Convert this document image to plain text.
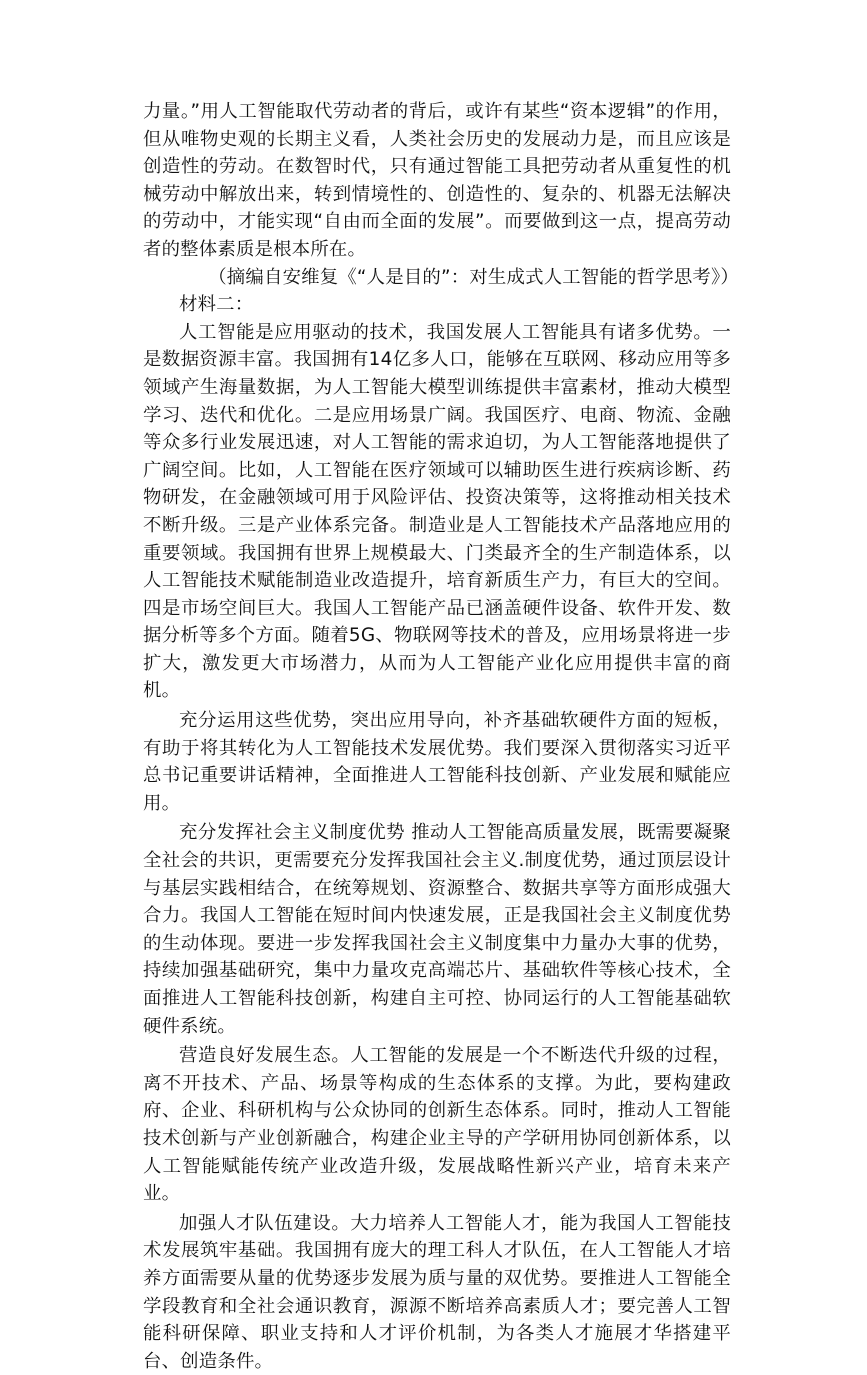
力量。”用人工智能取代劳动者的背后，或许有某些“资本逻辑”的作用，但从唯物史观的长期主义看，人类社会历史的发展动力是，而且应该是创造性的劳动。在数智时代，只有通过智能工具把劳动者从重复性的机械劳动中解放出来，转到情境性的、创造性的、复杂的、机器无法解决的劳动中，才能实现“自由而全面的发展”。而要做到这一点，提高劳动者的整体素质是根本所在。

（摘编自安维复《“人是目的”：对生成式人工智能的哲学思考》）

材料二：

人工智能是应用驱动的技术，我国发展人工智能具有诸多优势。一是数据资源丰富。我国拥有14亿多人口，能够在互联网、移动应用等多领域产生海量数据，为人工智能大模型训练提供丰富素材，推动大模型学习、迭代和优化。二是应用场景广阔。我国医疗、电商、物流、金融等众多行业发展迅速，对人工智能的需求迫切，为人工智能落地提供了广阔空间。比如，人工智能在医疗领域可以辅助医生进行疾病诊断、药物研发，在金融领域可用于风险评估、投资决策等，这将推动相关技术不断升级。三是产业体系完备。制造业是人工智能技术产品落地应用的重要领域。我国拥有世界上规模最大、门类最齐全的生产制造体系，以人工智能技术赋能制造业改造提升，培育新质生产力，有巨大的空间。四是市场空间巨大。我国人工智能产品已涵盖硬件设备、软件开发、数据分析等多个方面。随着5G、物联网等技术的普及，应用场景将进一步扩大，激发更大市场潜力，从而为人工智能产业化应用提供丰富的商机。

充分运用这些优势，突出应用导向，补齐基础软硬件方面的短板，有助于将其转化为人工智能技术发展优势。我们要深入贯彻落实习近平总书记重要讲话精神，全面推进人工智能科技创新、产业发展和赋能应用。

充分发挥社会主义制度优势 推动人工智能高质量发展，既需要凝聚全社会的共识，更需要充分发挥我国社会主义.制度优势，通过顶层设计与基层实践相结合，在统筹规划、资源整合、数据共享等方面形成强大合力。我国人工智能在短时间内快速发展，正是我国社会主义制度优势的生动体现。要进一步发挥我国社会主义制度集中力量办大事的优势，持续加强基础研究，集中力量攻克高端芯片、基础软件等核心技术，全面推进人工智能科技创新，构建自主可控、协同运行的人工智能基础软硬件系统。

营造良好发展生态。人工智能的发展是一个不断迭代升级的过程，离不开技术、产品、场景等构成的生态体系的支撑。为此，要构建政府、企业、科研机构与公众协同的创新生态体系。同时，推动人工智能技术创新与产业创新融合，构建企业主导的产学研用协同创新体系，以人工智能赋能传统产业改造升级，发展战略性新兴产业，培育未来产业。

加强人才队伍建设。大力培养人工智能人才，能为我国人工智能技术发展筑牢基础。我国拥有庞大的理工科人才队伍，在人工智能人才培养方面需要从量的优势逐步发展为质与量的双优势。要推进人工智能全学段教育和全社会通识教育，源源不断培养高素质人才；要完善人工智能科研保障、职业支持和人才评价机制，为各类人才施展才华搭建平台、创造条件。
